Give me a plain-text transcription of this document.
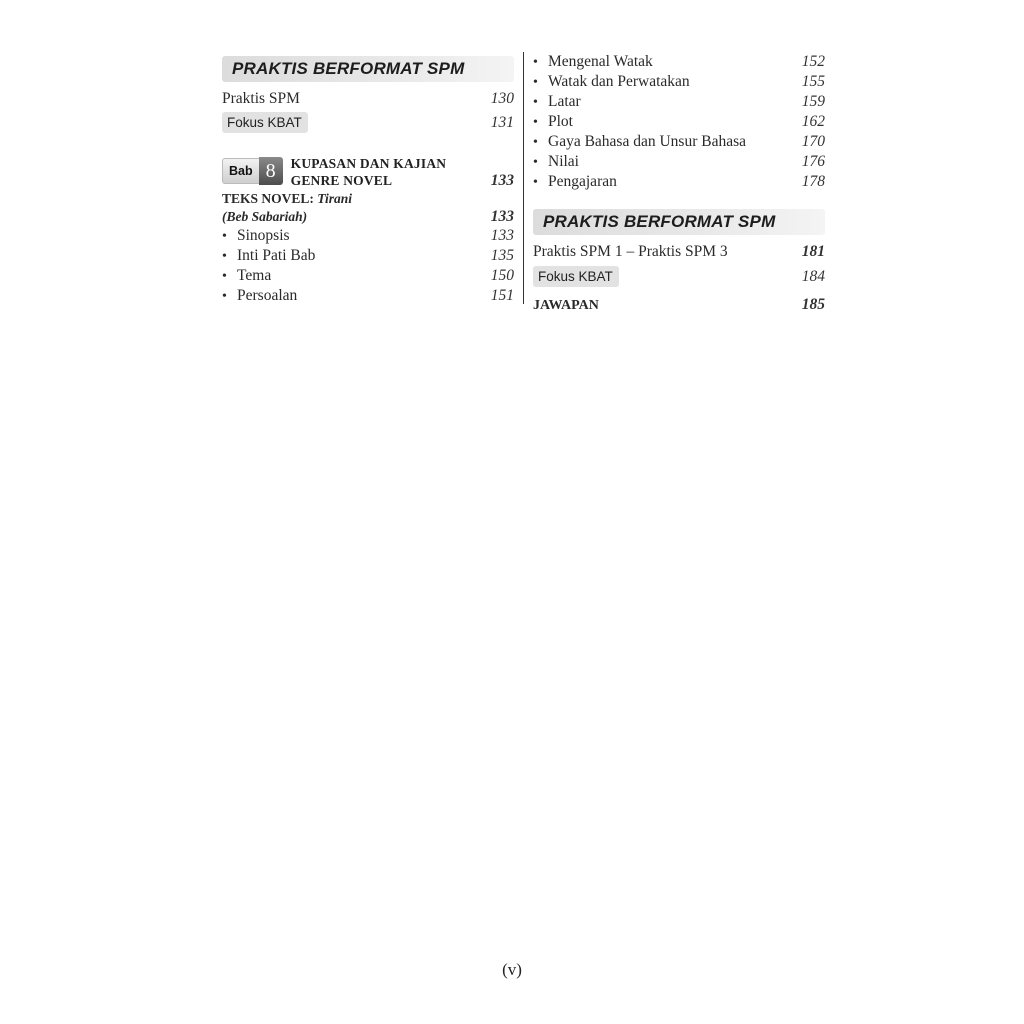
PRAKTIS BERFORMAT SPM
Praktis SPM	130
Fokus KBAT	131
Bab 8	KUPASAN DAN KAJIAN
GENRE NOVEL	133
TEKS NOVEL: Tirani
(Beb Sabariah)	133
• Sinopsis	133
• Inti Pati Bab	135
• Tema	150
• Persoalan	151
• Mengenal Watak	152
• Watak dan Perwatakan	155
• Latar	159
• Plot	162
• Gaya Bahasa dan Unsur Bahasa	170
• Nilai	176
• Pengajaran	178
PRAKTIS BERFORMAT SPM
Praktis SPM 1 – Praktis SPM 3	181
Fokus KBAT	184
JAWAPAN	185
(v)
